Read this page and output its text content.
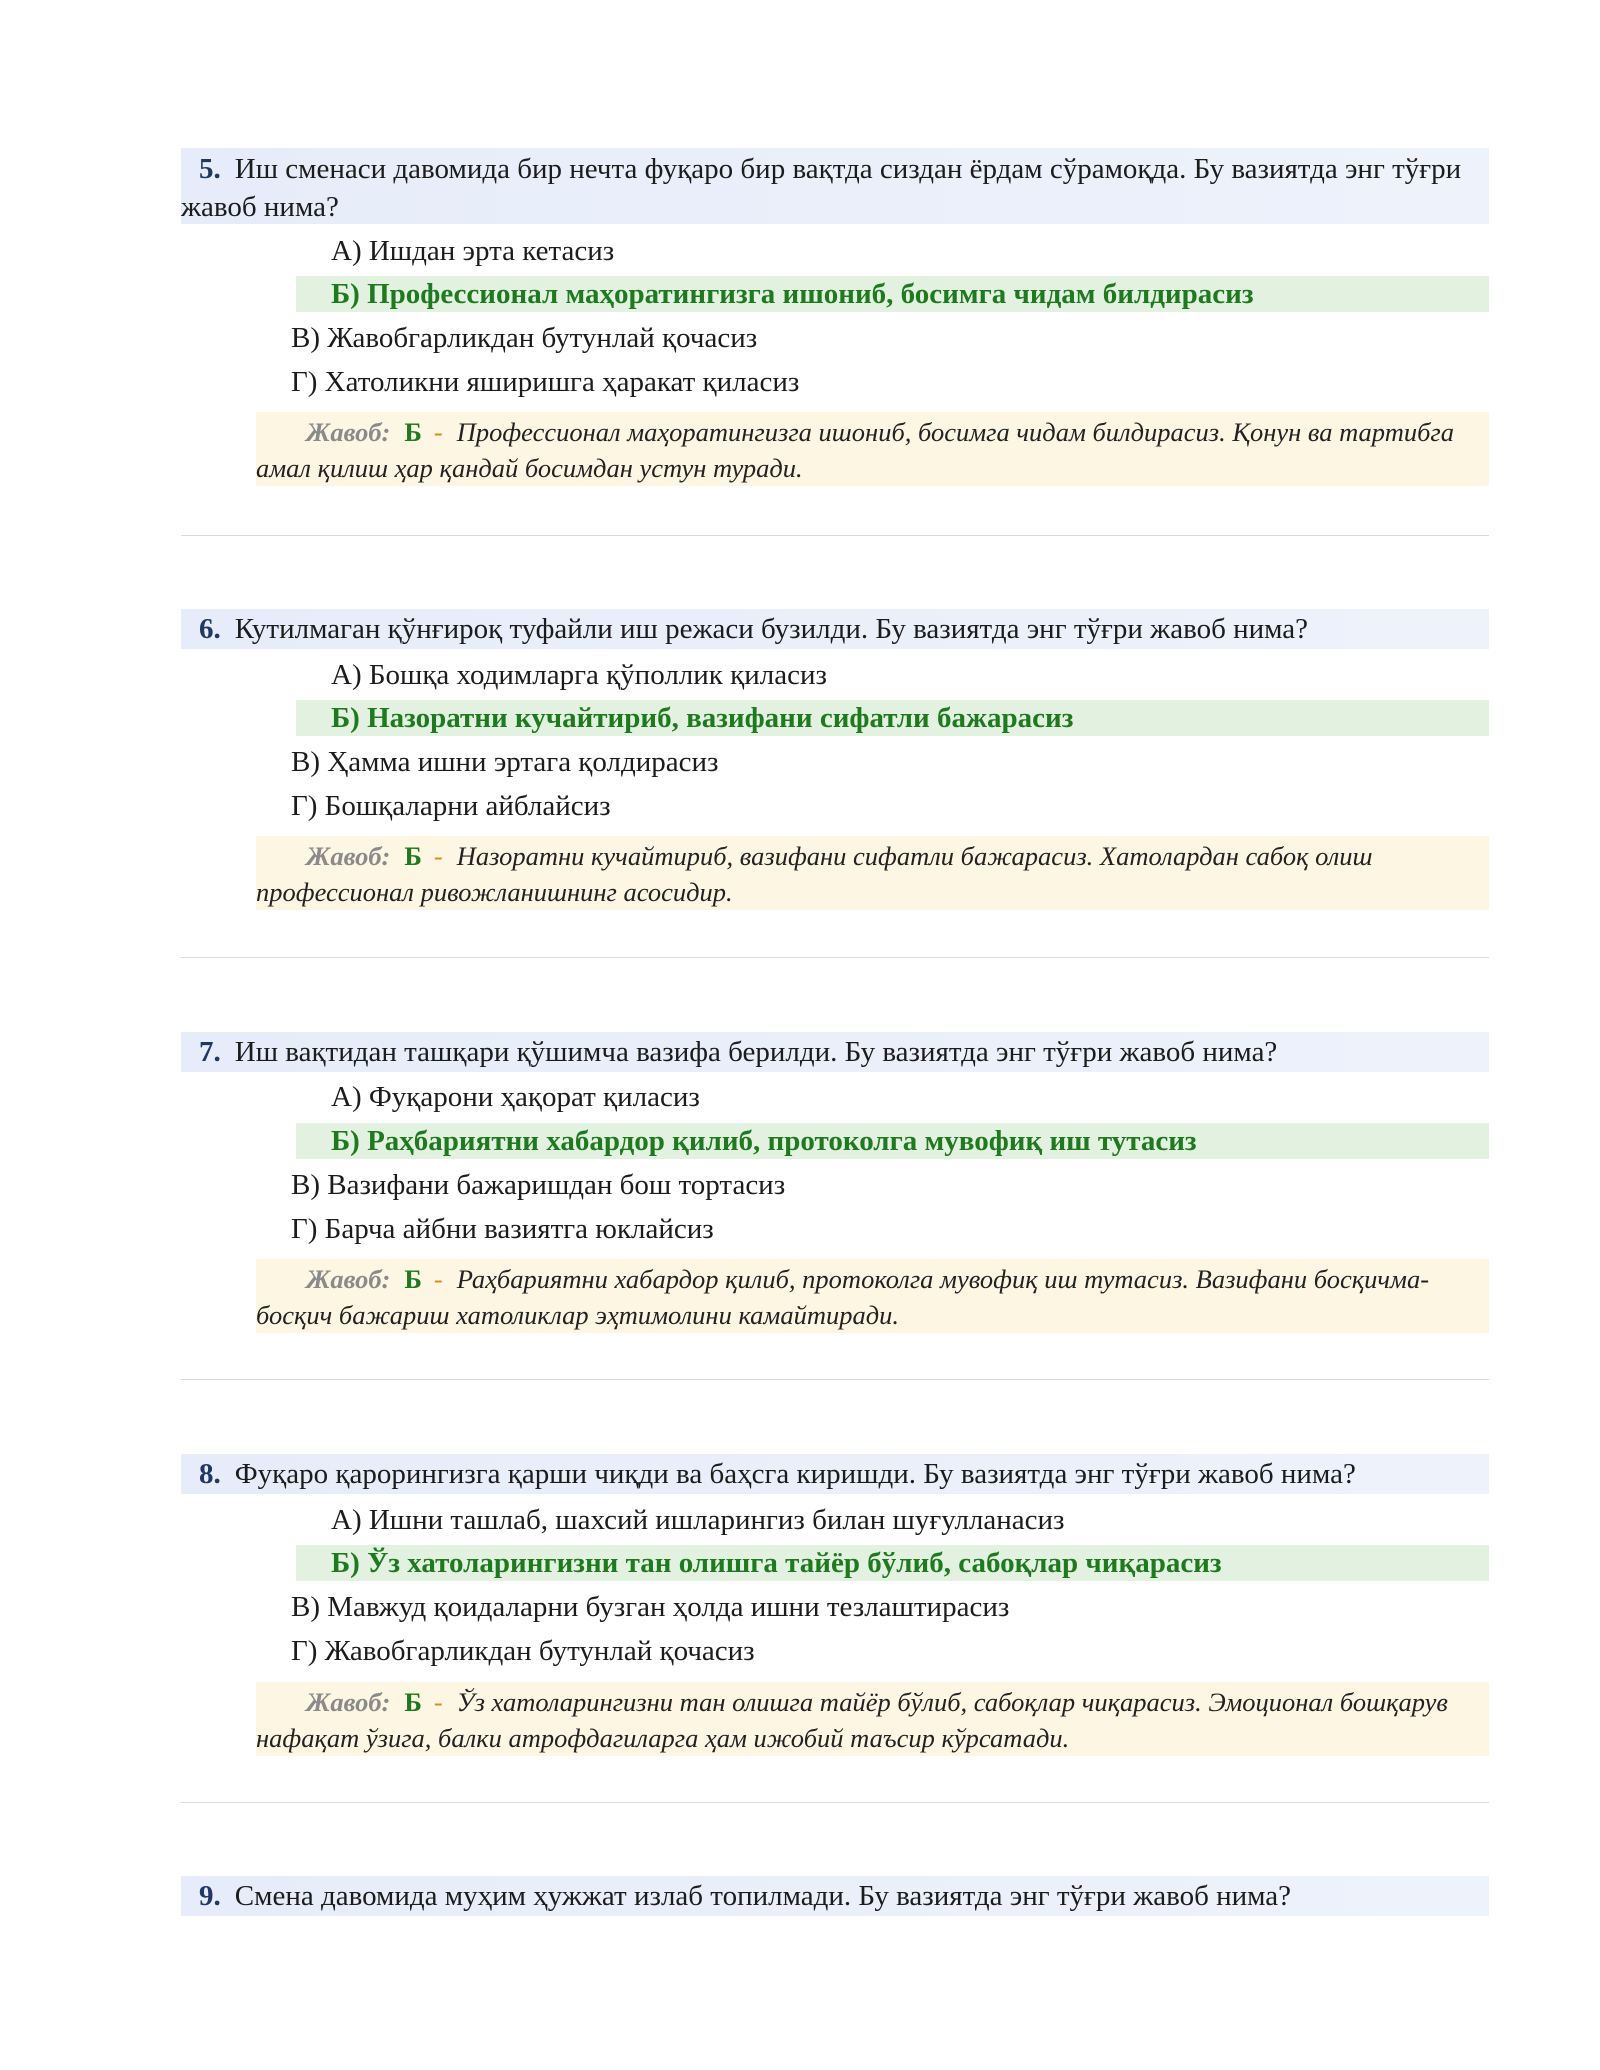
5. Иш сменаси давомида бир нечта фуқаро бир вақтда сиздан ёрдам сўрамоқда. Бу вазиятда энг тўғри жавоб нима?
А) Ишдан эрта кетасиз
Б) Профессионал маҳоратингизга ишониб, босимга чидам билдирасиз
В) Жавобгарликдан бутунлай қочасиз
Г) Хатоликни яширишга ҳаракат қиласиз
Жавоб: Б - Профессионал маҳоратингизга ишониб, босимга чидам билдирасиз. Қонун ва тартибга амал қилиш ҳар қандай босимдан устун туради.
6. Кутилмаган қўнғироқ туфайли иш режаси бузилди. Бу вазиятда энг тўғри жавоб нима?
А) Бошқа ходимларга қўполлик қиласиз
Б) Назоратни кучайтириб, вазифани сифатли бажарасиз
В) Ҳамма ишни эртага қолдирасиз
Г) Бошқаларни айблайсиз
Жавоб: Б - Назоратни кучайтириб, вазифани сифатли бажарасиз. Хатолардан сабоқ олиш профессионал ривожланишнинг асосидир.
7. Иш вақтидан ташқари қўшимча вазифа берилди. Бу вазиятда энг тўғри жавоб нима?
А) Фуқарони ҳақорат қиласиз
Б) Раҳбариятни хабардор қилиб, протоколга мувофиқ иш тутасиз
В) Вазифани бажаришдан бош тортасиз
Г) Барча айбни вазиятга юклайсиз
Жавоб: Б - Раҳбариятни хабардор қилиб, протоколга мувофиқ иш тутасиз. Вазифани босқичма-босқич бажариш хатоликлар эҳтимолини камайтиради.
8. Фуқаро қарорингизга қарши чиқди ва баҳсга киришди. Бу вазиятда энг тўғри жавоб нима?
А) Ишни ташлаб, шахсий ишларингиз билан шуғулланасиз
Б) Ўз хатоларингизни тан олишга тайёр бўлиб, сабоқлар чиқарасиз
В) Мавжуд қоидаларни бузган ҳолда ишни тезлаштирасиз
Г) Жавобгарликдан бутунлай қочасиз
Жавоб: Б - Ўз хатоларингизни тан олишга тайёр бўлиб, сабоқлар чиқарасиз. Эмоционал бошқарув нафақат ўзига, балки атрофдагиларга ҳам ижобий таъсир кўрсатади.
9. Смена давомида муҳим ҳужжат излаб топилмади. Бу вазиятда энг тўғри жавоб нима?
